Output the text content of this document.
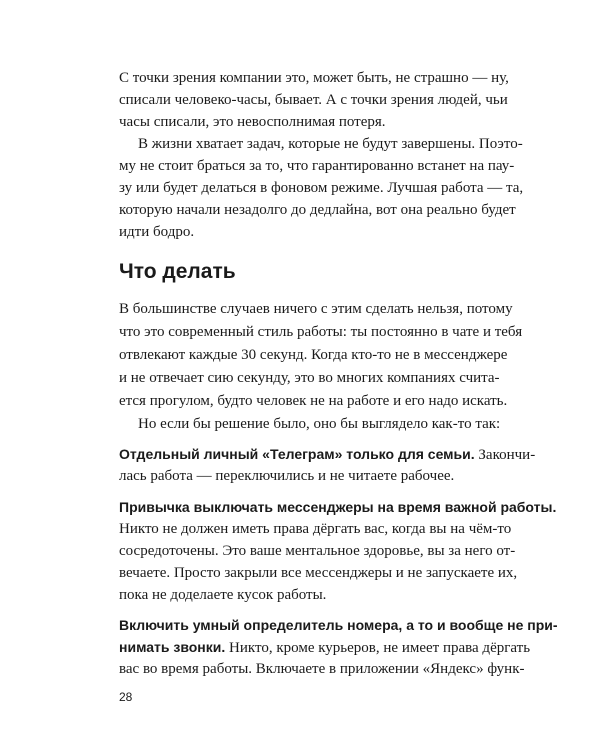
С точки зрения компании это, может быть, не страшно — ну,
списали человеко-часы, бывает. А с точки зрения людей, чьи
часы списали, это невосполнимая потеря.
В жизни хватает задач, которые не будут завершены. Поэто-
му не стоит браться за то, что гарантированно встанет на пау-
зу или будет делаться в фоновом режиме. Лучшая работа — та,
которую начали незадолго до дедлайна, вот она реально будет
идти бодро.
Что делать
В большинстве случаев ничего с этим сделать нельзя, потому
что это современный стиль работы: ты постоянно в чате и тебя
отвлекают каждые 30 секунд. Когда кто-то не в мессенджере
и не отвечает сию секунду, это во многих компаниях счита-
ется прогулом, будто человек не на работе и его надо искать.
Но если бы решение было, оно бы выглядело как-то так:
Отдельный личный «Телеграм» только для семьи. Закончи-
лась работа — переключились и не читаете рабочее.
Привычка выключать мессенджеры на время важной работы.
Никто не должен иметь права дёргать вас, когда вы на чём-то
сосредоточены. Это ваше ментальное здоровье, вы за него от-
вечаете. Просто закрыли все мессенджеры и не запускаете их,
пока не доделаете кусок работы.
Включить умный определитель номера, а то и вообще не при-
нимать звонки. Никто, кроме курьеров, не имеет права дёргать
вас во время работы. Включаете в приложении «Яндекс» функ-
28
